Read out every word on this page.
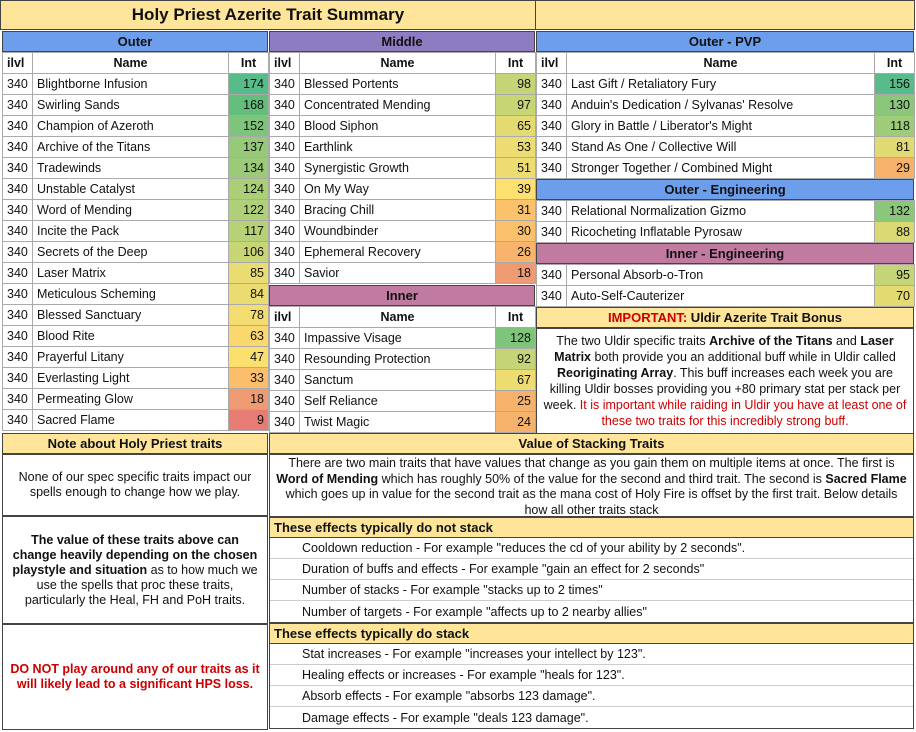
Holy Priest Azerite Trait Summary
Outer
ilvl	Name	Int
340	Blightborne Infusion	174
340	Swirling Sands	168
340	Champion of Azeroth	152
340	Archive of the Titans	137
340	Tradewinds	134
340	Unstable Catalyst	124
340	Word of Mending	122
340	Incite the Pack	117
340	Secrets of the Deep	106
340	Laser Matrix	85
340	Meticulous Scheming	84
340	Blessed Sanctuary	78
340	Blood Rite	63
340	Prayerful Litany	47
340	Everlasting Light	33
340	Permeating Glow	18
340	Sacred Flame	9
Middle
ilvl	Name	Int
340	Blessed Portents	98
340	Concentrated Mending	97
340	Blood Siphon	65
340	Earthlink	53
340	Synergistic Growth	51
340	On My Way	39
340	Bracing Chill	31
340	Woundbinder	30
340	Ephemeral Recovery	26
340	Savior	18
Inner
ilvl	Name	Int
340	Impassive Visage	128
340	Resounding Protection	92
340	Sanctum	67
340	Self Reliance	25
340	Twist Magic	24
Outer - PVP
ilvl	Name	Int
340	Last Gift / Retaliatory Fury	156
340	Anduin's Dedication / Sylvanas' Resolve	130
340	Glory in Battle / Liberator's Might	118
340	Stand As One / Collective Will	81
340	Stronger Together / Combined Might	29
Outer - Engineering
340	Relational Normalization Gizmo	132
340	Ricocheting Inflatable Pyrosaw	88
Inner - Engineering
340	Personal Absorb-o-Tron	95
340	Auto-Self-Cauterizer	70
IMPORTANT: Uldir Azerite Trait Bonus
The two Uldir specific traits Archive of the Titans and Laser Matrix both provide you an additional buff while in Uldir called Reoriginating Array. This buff increases each week you are killing Uldir bosses providing you +80 primary stat per stack per week. It is important while raiding in Uldir you have at least one of these two traits for this incredibly strong buff.
Note about Holy Priest traits
None of our spec specific traits impact our spells enough to change how we play.
The value of these traits above can change heavily depending on the chosen playstyle and situation as to how much we use the spells that proc these traits, particularly the Heal, FH and PoH traits.
DO NOT play around any of our traits as it will likely lead to a significant HPS loss.
Value of Stacking Traits
There are two main traits that have values that change as you gain them on multiple items at once. The first is Word of Mending which has roughly 50% of the value for the second and third trait. The second is Sacred Flame which goes up in value for the second trait as the mana cost of Holy Fire is offset by the first trait. Below details how all other traits stack
These effects typically do not stack
Cooldown reduction - For example "reduces the cd of your ability by 2 seconds".
Duration of buffs and effects - For example "gain an effect for 2 seconds"
Number of stacks - For example "stacks up to 2 times"
Number of targets - For example "affects up to 2 nearby allies"
These effects typically do stack
Stat increases - For example "increases your intellect by 123".
Healing effects or increases - For example "heals for 123".
Absorb effects - For example "absorbs 123 damage".
Damage effects - For example "deals 123 damage".
